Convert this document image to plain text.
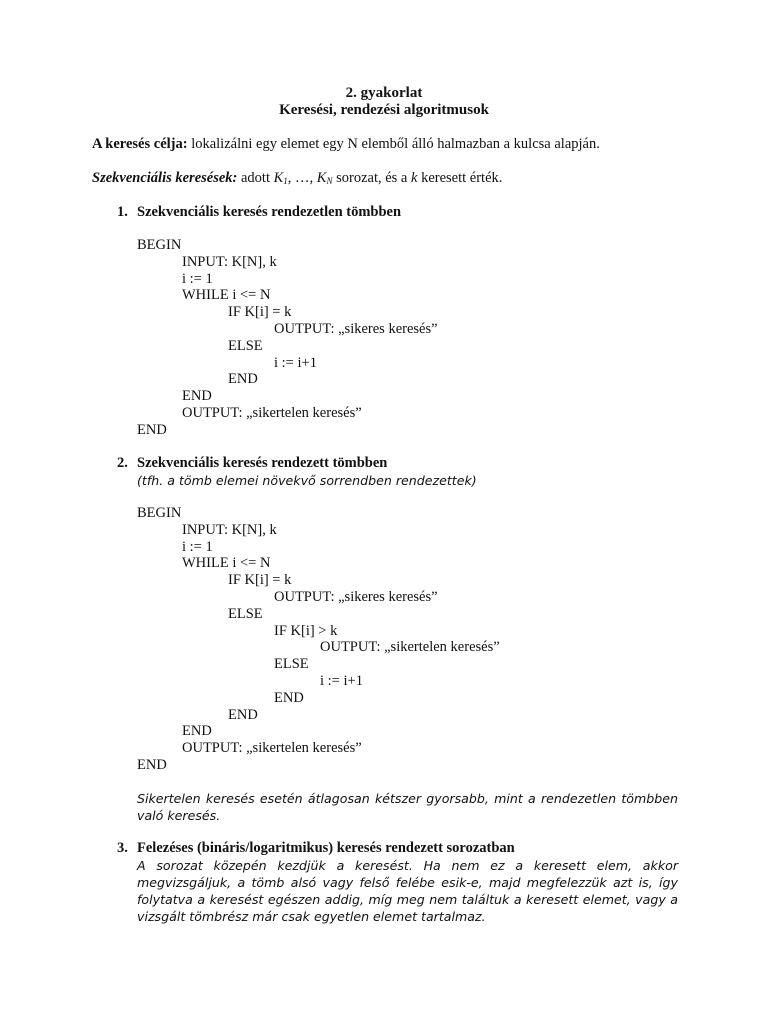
2. gyakorlat
Keresési, rendezési algoritmusok
A keresés célja: lokalizálni egy elemet egy N elemből álló halmazban a kulcsa alapján.
Szekvenciális keresések: adott $K_1$, …, $K_N$ sorozat, és a k keresett érték.
1. Szekvenciális keresés rendezetlen tömbben
2. Szekvenciális keresés rendezett tömbben
(tfh. a tömb elemei növekvő sorrendben rendezettek)
Sikertelen keresés esetén átlagosan kétszer gyorsabb, mint a rendezetlen tömbben való keresés.
3. Felezéses (bináris/logaritmikus) keresés rendezett sorozatban
A sorozat közepén kezdjük a keresést. Ha nem ez a keresett elem, akkor megvizsgáljuk, a tömb alsó vagy felső felébe esik-e, majd megfelezzük azt is, így folytatva a keresést egészen addig, míg meg nem találtuk a keresett elemet, vagy a vizsgált tömbrész már csak egyetlen elemet tartalmaz.
BEGIN
INPUT: K[N], k
i := 1
WHILE i <= N
IF K[i] = k
OUTPUT: „sikeres keresés”
ELSE
i := i+1
END
END
OUTPUT: „sikertelen keresés”
END
BEGIN
INPUT: K[N], k
i := 1
WHILE i <= N
IF K[i] = k
OUTPUT: „sikeres keresés”
ELSE
IF K[i] > k
OUTPUT: „sikertelen keresés”
ELSE
i := i+1
END
END
END
OUTPUT: „sikertelen keresés”
END
